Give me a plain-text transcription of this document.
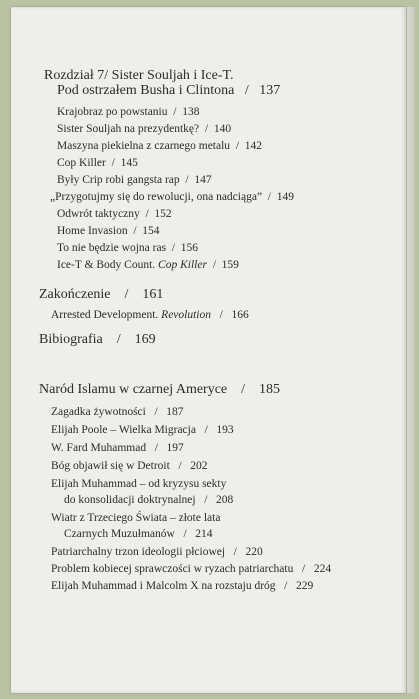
Rozdział 7/ Sister Souljah i Ice-T.
Pod ostrzałem Busha i Clintona   /   137
Krajobraz po powstaniu  /  138
Sister Souljah na prezydentkę?  /  140
Maszyna piekielna z czarnego metalu  /  142
Cop Killer  /  145
Były Crip robi gangsta rap  /  147
„Przygotujmy się do rewolucji, ona nadciąga”  /  149
Odwrót taktyczny  /  152
Home Invasion  /  154
To nie będzie wojna ras  /  156
Ice-T & Body Count. Cop Killer  /  159
Zakończenie    /    161
Arrested Development. Revolution   /   166
Bibiografia    /    169
Naród Islamu w czarnej Ameryce    /    185
Zagadka żywotności   /   187
Elijah Poole – Wielka Migracja   /   193
W. Fard Muhammad   /   197
Bóg objawił się w Detroit   /   202
Elijah Muhammad – od kryzysu sekty
do konsolidacji doktrynalnej   /   208
Wiatr z Trzeciego Świata – złote lata
Czarnych Muzułmanów   /   214
Patriarchalny trzon ideologii płciowej   /   220
Problem kobiecej sprawczości w ryzach patriarchatu   /   224
Elijah Muhammad i Malcolm X na rozstaju dróg   /   229
